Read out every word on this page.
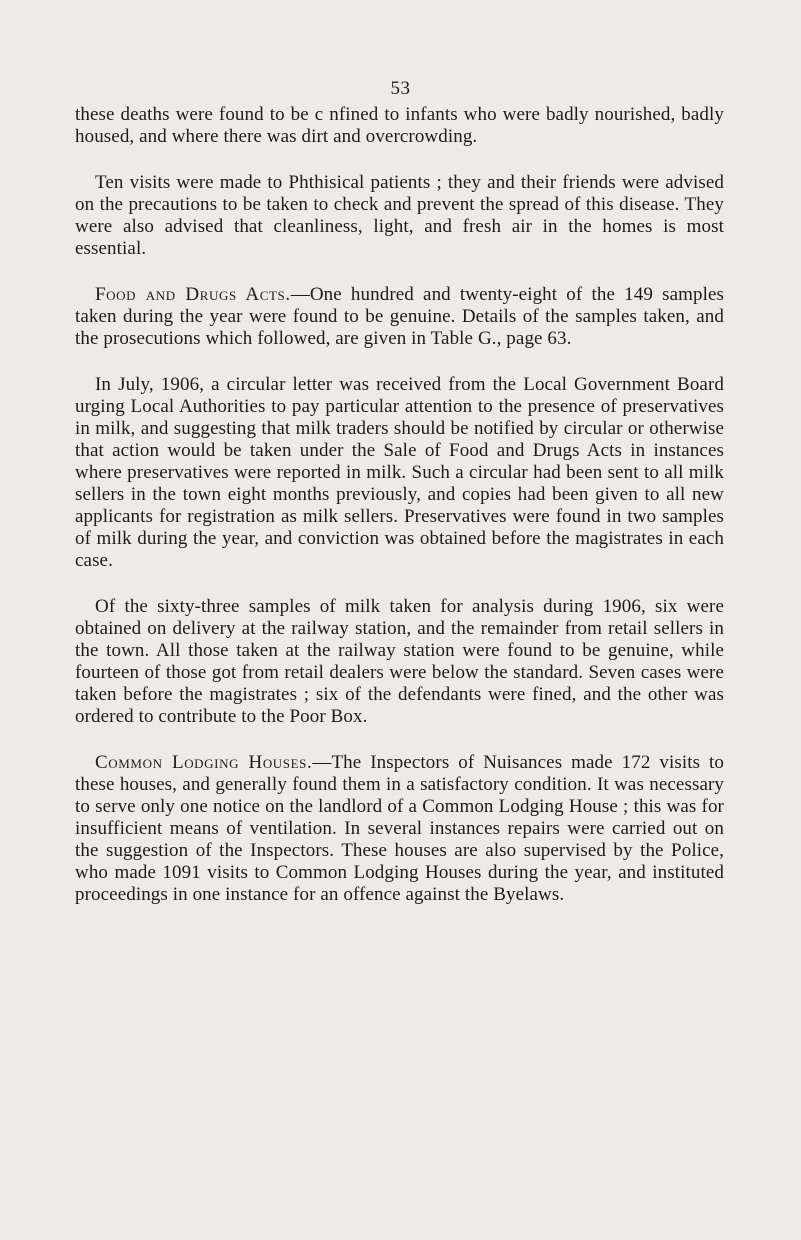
53

these deaths were found to be c nfined to infants who were badly nourished, badly housed, and where there was dirt and overcrowding.

Ten visits were made to Phthisical patients ; they and their friends were advised on the precautions to be taken to check and prevent the spread of this disease. They were also advised that cleanliness, light, and fresh air in the homes is most essential.

Food and Drugs Acts.—One hundred and twenty-eight of the 149 samples taken during the year were found to be genuine. Details of the samples taken, and the prosecutions which followed, are given in Table G., page 63.

In July, 1906, a circular letter was received from the Local Government Board urging Local Authorities to pay particular attention to the presence of preservatives in milk, and suggesting that milk traders should be notified by circular or otherwise that action would be taken under the Sale of Food and Drugs Acts in instances where preservatives were reported in milk. Such a circular had been sent to all milk sellers in the town eight months previously, and copies had been given to all new applicants for registration as milk sellers. Preservatives were found in two samples of milk during the year, and conviction was obtained before the magistrates in each case.

Of the sixty-three samples of milk taken for analysis during 1906, six were obtained on delivery at the railway station, and the remainder from retail sellers in the town. All those taken at the railway station were found to be genuine, while fourteen of those got from retail dealers were below the standard. Seven cases were taken before the magistrates ; six of the defendants were fined, and the other was ordered to contribute to the Poor Box.

Common Lodging Houses.—The Inspectors of Nuisances made 172 visits to these houses, and generally found them in a satisfactory condition. It was necessary to serve only one notice on the landlord of a Common Lodging House ; this was for insufficient means of ventilation. In several instances repairs were carried out on the suggestion of the Inspectors. These houses are also supervised by the Police, who made 1091 visits to Common Lodging Houses during the year, and instituted proceedings in one instance for an offence against the Byelaws.
